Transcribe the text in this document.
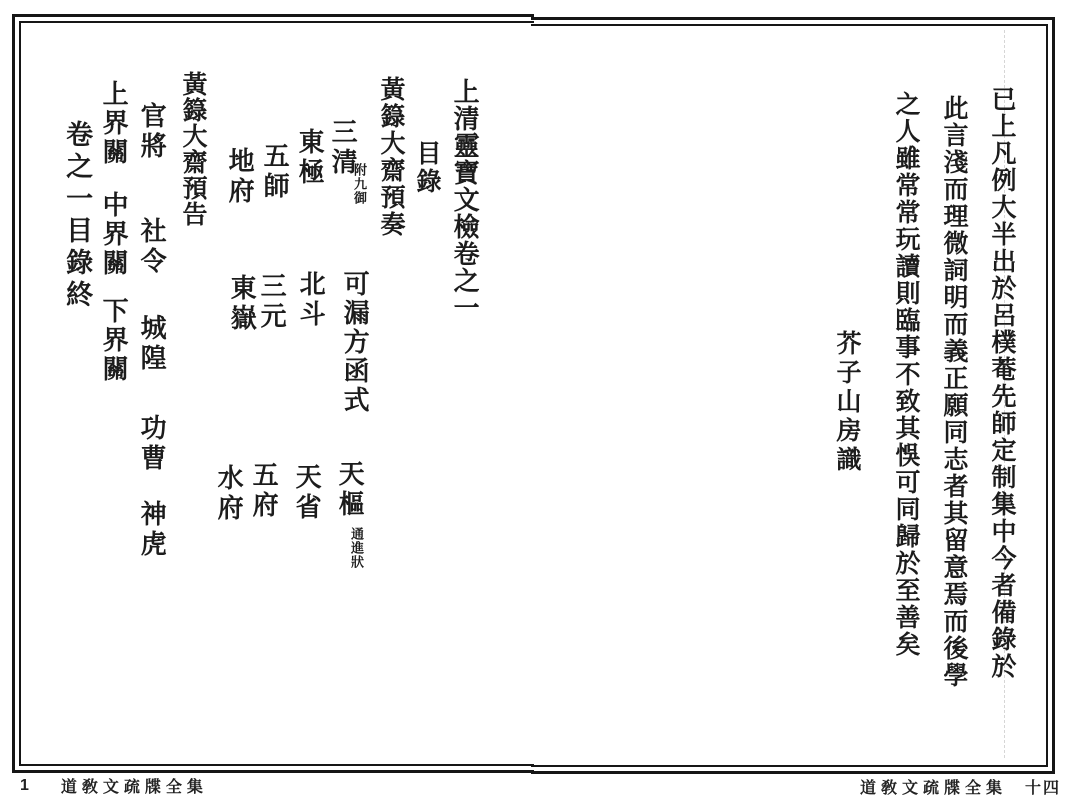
已上凡例大半出於呂樸菴先師定制集中今者備錄於
此言淺而理微詞明而義正願同志者其留意焉而後學
之人雖常常玩讀則臨事不致其悞可同歸於至善矣
芥子山房識
上清靈寶文檢卷之一
目錄
黃籙大齋預奏
三清
附九御
東極
五師
地府
可漏方函式
北斗
三元
東嶽
天樞
通進狀
天省
五府
水府
黃籙大齋預告
官將
社令
城隍
功曹
神虎
上界關
中界關
下界關
卷之一目錄終
1 道敎文疏牒全集	道敎文疏牒全集 十四
